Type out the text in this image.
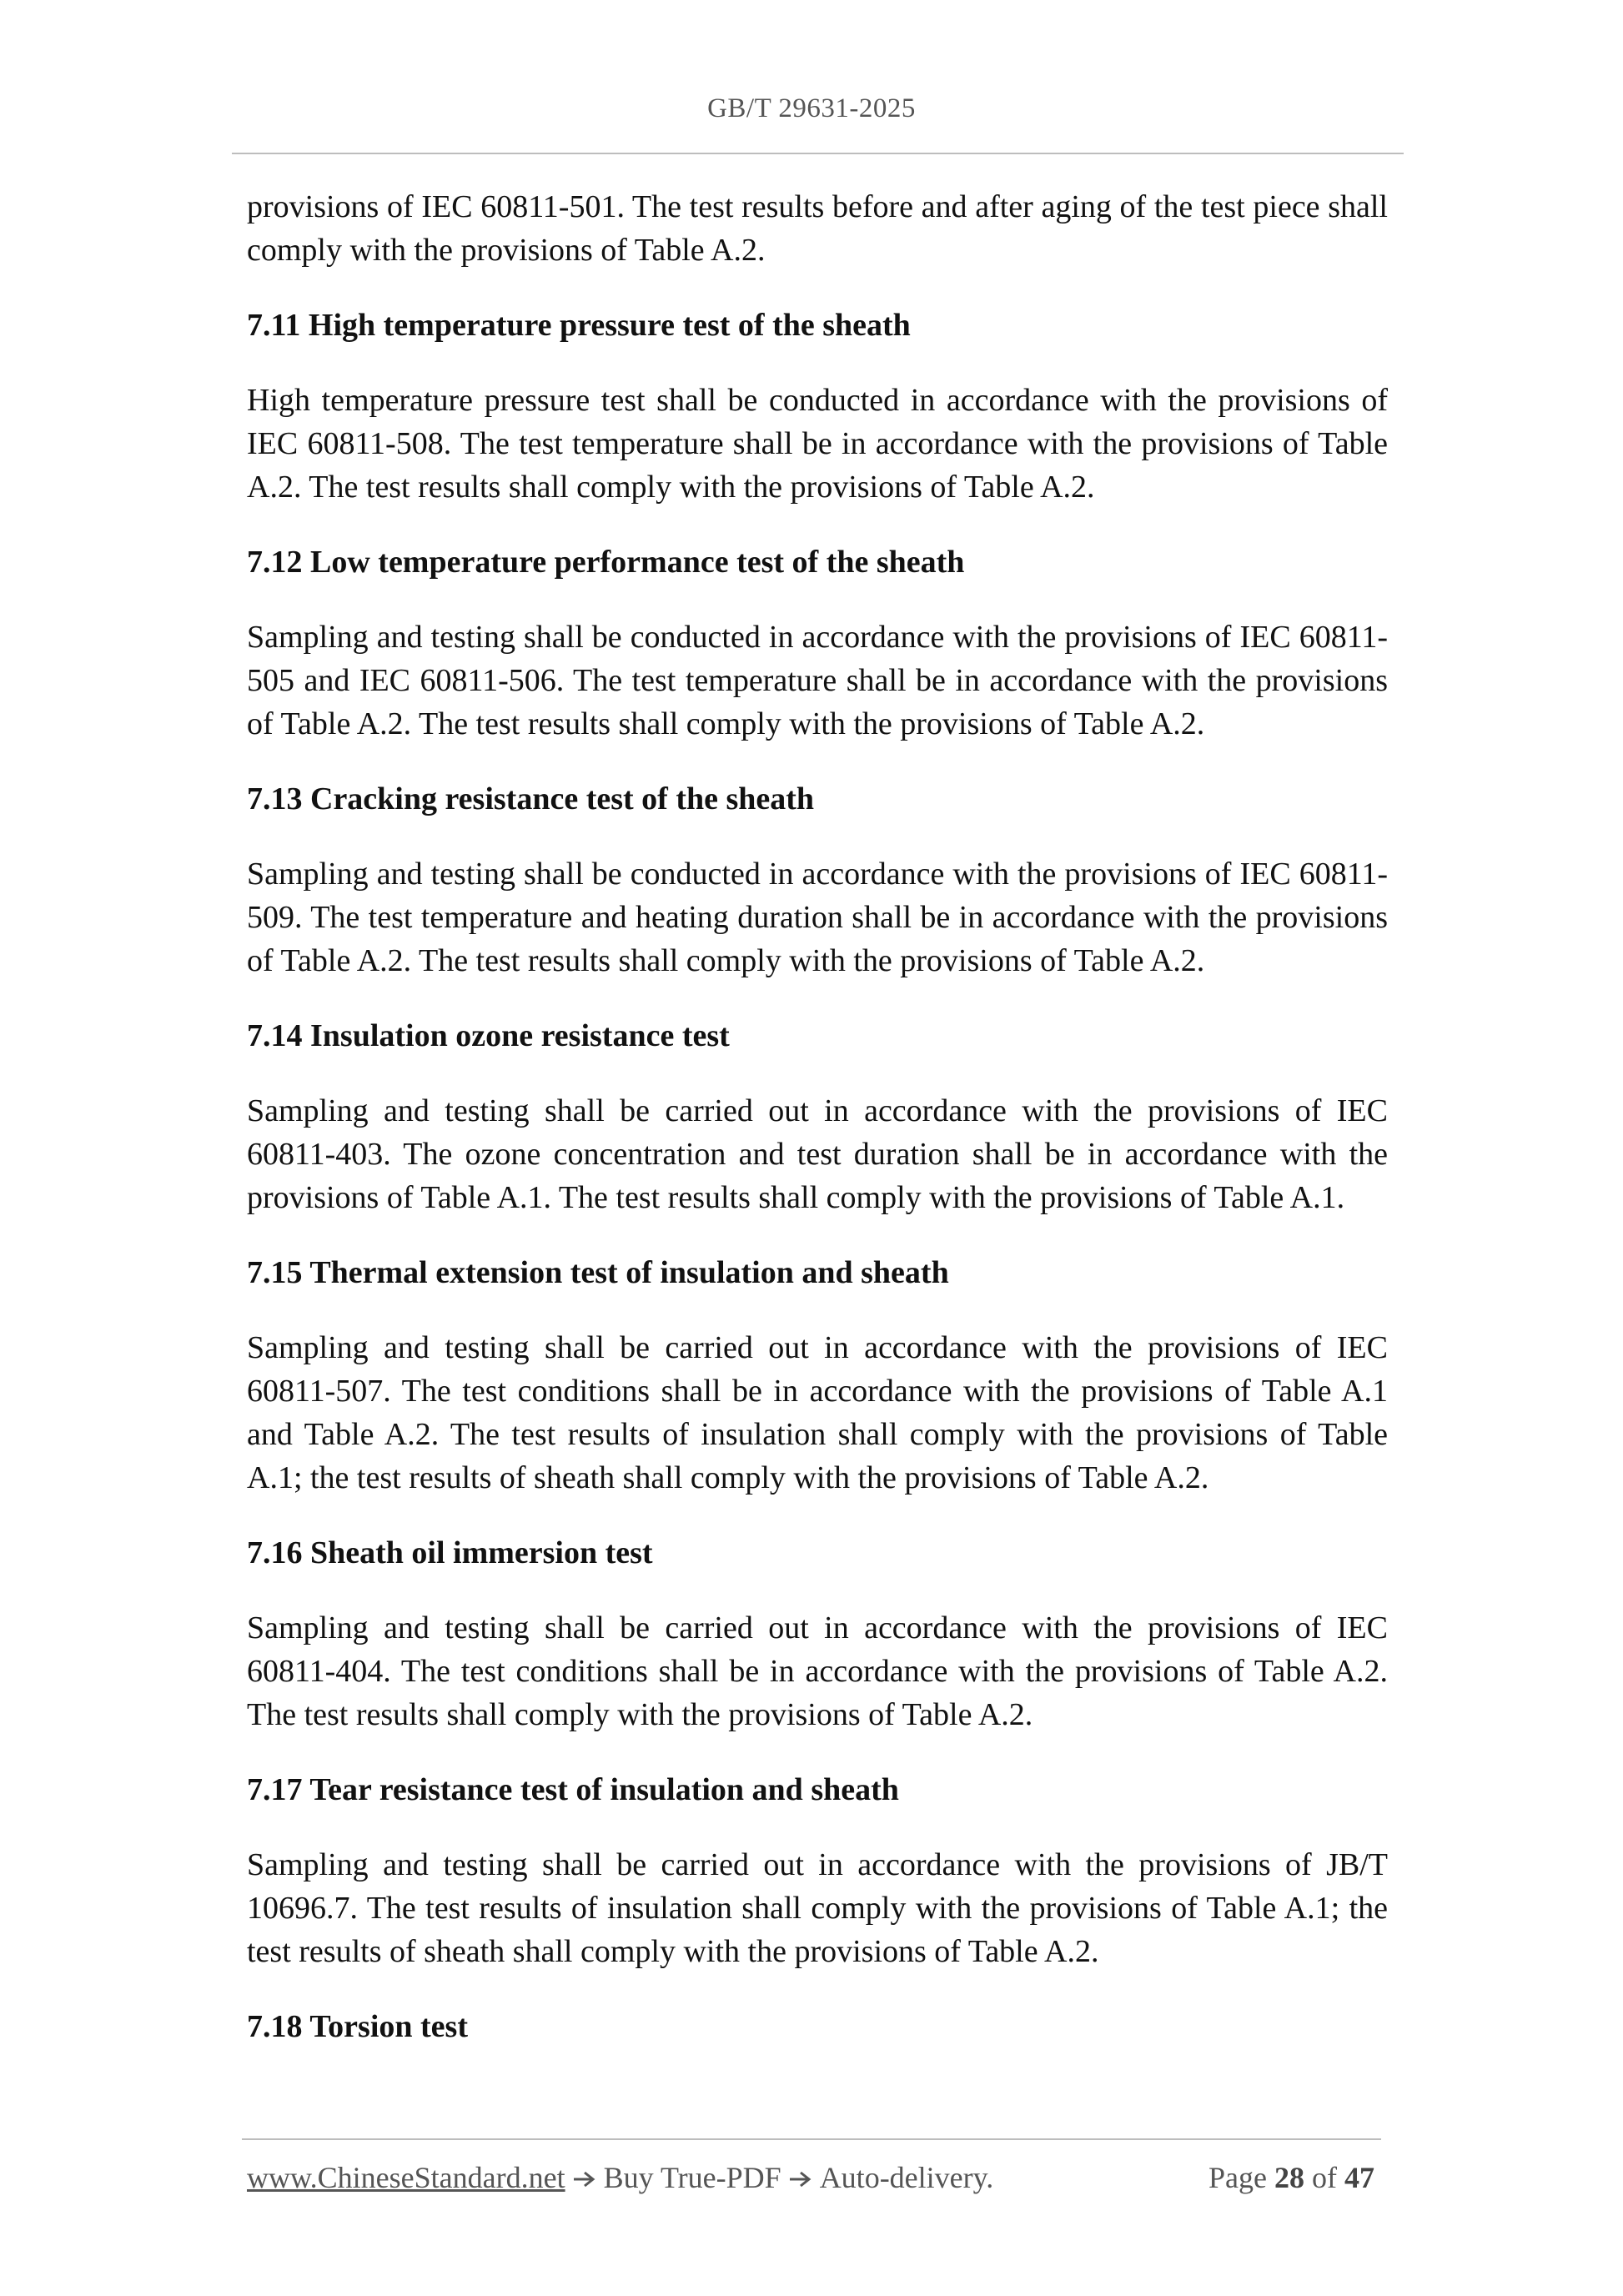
GB/T 29631-2025

provisions of IEC 60811-501. The test results before and after aging of the test piece shall comply with the provisions of Table A.2.

7.11 High temperature pressure test of the sheath

High temperature pressure test shall be conducted in accordance with the provisions of IEC 60811-508. The test temperature shall be in accordance with the provisions of Table A.2. The test results shall comply with the provisions of Table A.2.

7.12 Low temperature performance test of the sheath

Sampling and testing shall be conducted in accordance with the provisions of IEC 60811-505 and IEC 60811-506. The test temperature shall be in accordance with the provisions of Table A.2. The test results shall comply with the provisions of Table A.2.

7.13 Cracking resistance test of the sheath

Sampling and testing shall be conducted in accordance with the provisions of IEC 60811-509. The test temperature and heating duration shall be in accordance with the provisions of Table A.2. The test results shall comply with the provisions of Table A.2.

7.14 Insulation ozone resistance test

Sampling and testing shall be carried out in accordance with the provisions of IEC 60811-403. The ozone concentration and test duration shall be in accordance with the provisions of Table A.1. The test results shall comply with the provisions of Table A.1.

7.15 Thermal extension test of insulation and sheath

Sampling and testing shall be carried out in accordance with the provisions of IEC 60811-507. The test conditions shall be in accordance with the provisions of Table A.1 and Table A.2. The test results of insulation shall comply with the provisions of Table A.1; the test results of sheath shall comply with the provisions of Table A.2.

7.16 Sheath oil immersion test

Sampling and testing shall be carried out in accordance with the provisions of IEC 60811-404. The test conditions shall be in accordance with the provisions of Table A.2. The test results shall comply with the provisions of Table A.2.

7.17 Tear resistance test of insulation and sheath

Sampling and testing shall be carried out in accordance with the provisions of JB/T 10696.7. The test results of insulation shall comply with the provisions of Table A.1; the test results of sheath shall comply with the provisions of Table A.2.

7.18 Torsion test
www.ChineseStandard.net Buy True-PDF Auto-delivery.	Page 28 of 47
